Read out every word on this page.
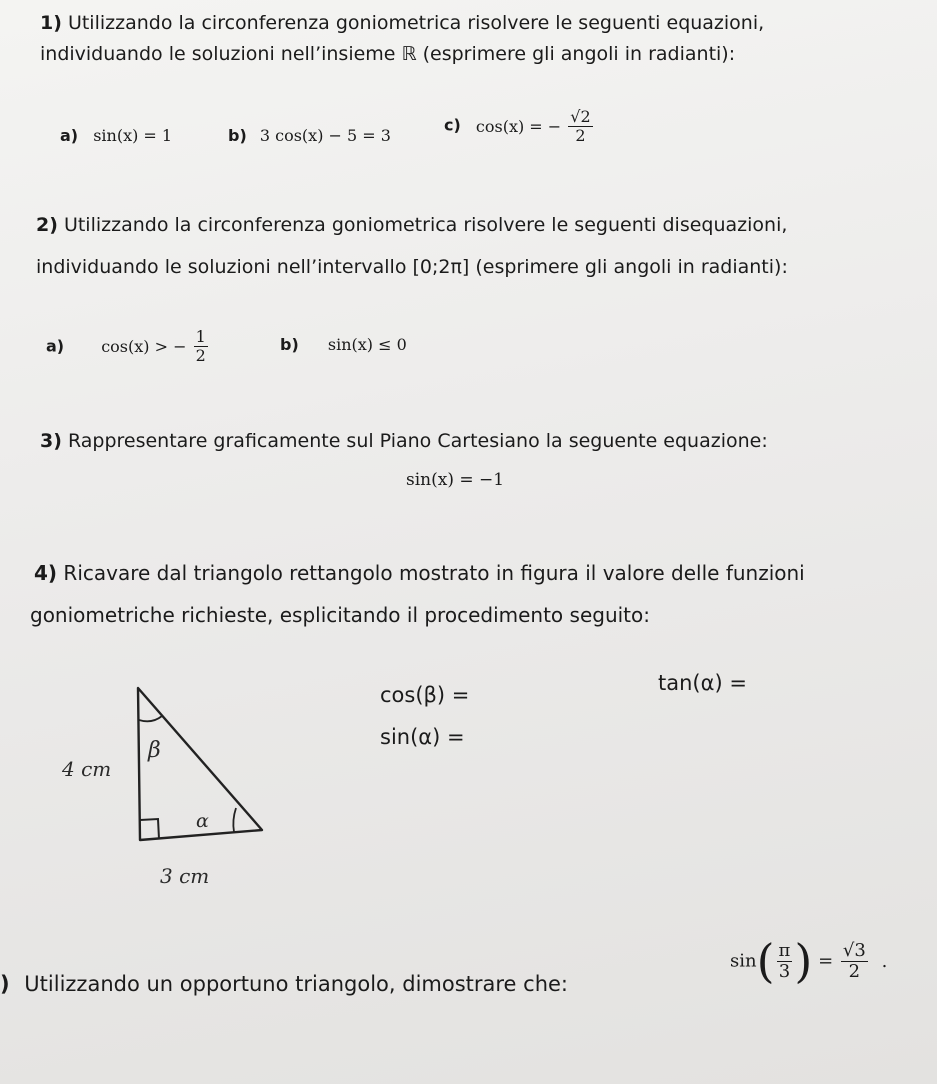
1) Utilizzando la circonferenza goniometrica risolvere le seguenti equazioni,
individuando le soluzioni nell’insieme ℝ (esprimere gli angoli in radianti):
a) sin(x) = 1	b) 3 cos(x) − 5 = 3
c) cos(x) = − $\frac{√2}{2}$
2) Utilizzando la circonferenza goniometrica risolvere le seguenti disequazioni,
individuando le soluzioni nell’intervallo [0;2π] (esprimere gli angoli in radianti):
a) cos(x) > − $\frac{1}{2}$	b) sin(x) ≤ 0
3) Rappresentare graficamente sul Piano Cartesiano la seguente equazione:
sin(x) = −1
4) Ricavare dal triangolo rettangolo mostrato in figura il valore delle funzioni
goniometriche richieste, esplicitando il procedimento seguito:
cos(β) =
sin(α) =
tan(α) =
β
α
4 cm
3 cm
) Utilizzando un opportuno triangolo, dimostrare che:
$\sin( \frac{\pi}{3}$ ) = $\frac{√3}{2}$ .
